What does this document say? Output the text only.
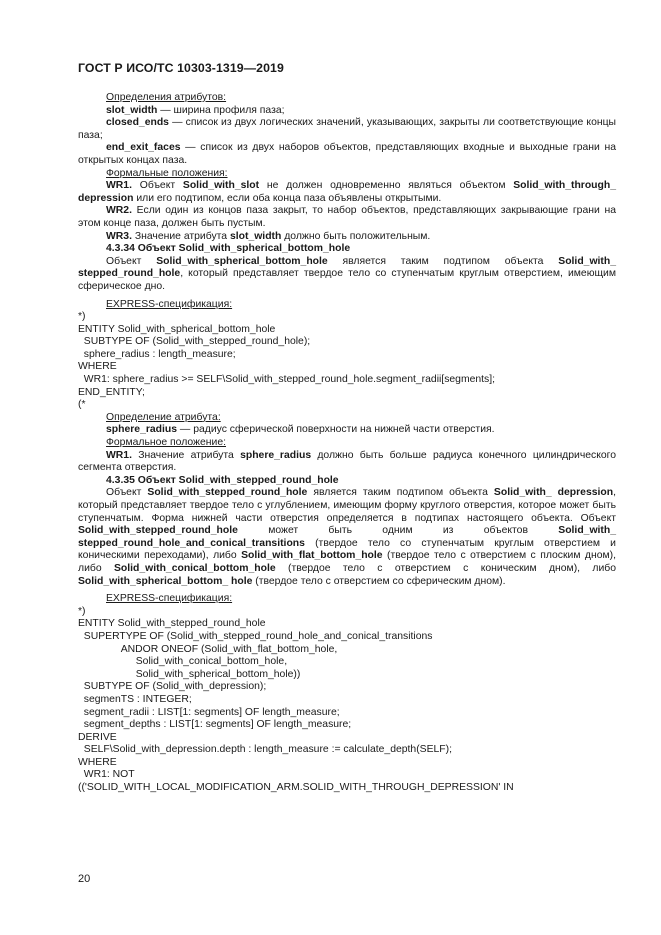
ГОСТ Р ИСО/ТС 10303-1319—2019

Определения атрибутов:

slot_width — ширина профиля паза;

closed_ends — список из двух логических значений, указывающих, закрыты ли соответствующие концы паза;

end_exit_faces — список из двух наборов объектов, представляющих входные и выходные грани на открытых концах паза.

Формальные положения:

WR1. Объект Solid_with_slot не должен одновременно являться объектом Solid_with_through_ depression или его подтипом, если оба конца паза объявлены открытыми.

WR2. Если один из концов паза закрыт, то набор объектов, представляющих закрывающие грани на этом конце паза, должен быть пустым.

WR3. Значение атрибута slot_width должно быть положительным.

4.3.34 Объект Solid_with_spherical_bottom_hole

Объект Solid_with_spherical_bottom_hole является таким подтипом объекта Solid_with_ stepped_round_hole, который представляет твердое тело со ступенчатым круглым отверстием, имеющим сферическое дно.

EXPRESS-спецификация:

*)
ENTITY Solid_with_spherical_bottom_hole
SUBTYPE OF (Solid_with_stepped_round_hole);
sphere_radius : length_measure;
WHERE
WR1: sphere_radius >= SELF\Solid_with_stepped_round_hole.segment_radii[segments];
END_ENTITY;
(*

Определение атрибута:

sphere_radius — радиус сферической поверхности на нижней части отверстия.

Формальное положение:

WR1. Значение атрибута sphere_radius должно быть больше радиуса конечного цилиндрического сегмента отверстия.

4.3.35 Объект Solid_with_stepped_round_hole

Объект Solid_with_stepped_round_hole является таким подтипом объекта Solid_with_ depression, который представляет твердое тело с углублением, имеющим форму круглого отверстия, которое может быть ступенчатым. Форма нижней части отверстия определяется в подтипах настоящего объекта. Объект Solid_with_stepped_round_hole может быть одним из объектов Solid_with_ stepped_round_hole_and_conical_transitions (твердое тело со ступенчатым круглым отверстием и коническими переходами), либо Solid_with_flat_bottom_hole (твердое тело с отверстием с плоским дном), либо Solid_with_conical_bottom_hole (твердое тело с отверстием с коническим дном), либо Solid_with_spherical_bottom_ hole (твердое тело с отверстием со сферическим дном).

EXPRESS-спецификация:

*)
ENTITY Solid_with_stepped_round_hole
SUPERTYPE OF (Solid_with_stepped_round_hole_and_conical_transitions
ANDOR ONEOF (Solid_with_flat_bottom_hole,
Solid_with_conical_bottom_hole,
Solid_with_spherical_bottom_hole))
SUBTYPE OF (Solid_with_depression);
segmenTS : INTEGER;
segment_radii : LIST[1: segments] OF length_measure;
segment_depths : LIST[1: segments] OF length_measure;
DERIVE
SELF\Solid_with_depression.depth : length_measure := calculate_depth(SELF);
WHERE
WR1: NOT
(('SOLID_WITH_LOCAL_MODIFICATION_ARM.SOLID_WITH_THROUGH_DEPRESSION' IN
20
